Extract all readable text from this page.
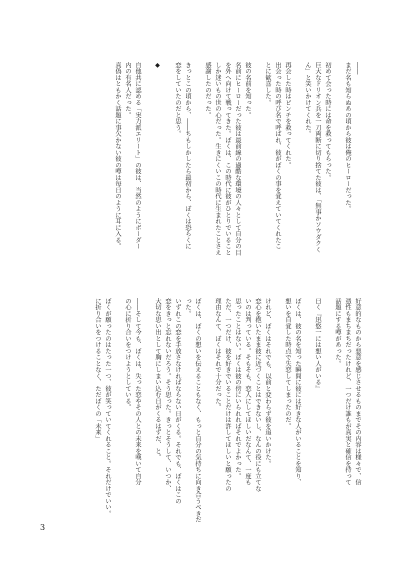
――
まだ名も知らぬあの頃から彼は俺のヒーローだった。

初めて会った時には命を救ってもらった。
巨大なドリオン兵を一刀両断に切り捨てた彼は、「無事かソウダクく
ん」と笑いかけてくれた。

再会した時はピンチを救ってくれた。
出会った時の呼び名で呼ばれ、彼がぼくの事を覚えていてくれたこ
とに歓喜した。

彼の名前を知った。
名前にヒーローだった彼は最前線の過酷な環境の人々として自分の目
を外へ向けて戦ってきた。ぼくは、この時代に彼がひとりでいること
しか迷いもの世の心だった。生きにくいこの時代に生まれたことさえ
感謝したのだった。

きっとこの頃から、――ちもしかしたら最初から、ぼくは恐らくに
恋をしていたのだと思う。

◆

自他共に認める「実力派エリート」の彼は、当然のようにボーダー
内の有名人だった。
真偽はともかく話題に事欠かない彼の噂は毎日のように耳に入る。
好意的なものから悪意を感じさせるものまでその内容は様々で、信
憑性もまちまちだったけれど、一つだけ誰もが真実と確信を持って
話題にする噂があった。

曰く『迅悠一には想い人がいる』

ぼくは、彼の名を知った瞬間に彼には好きな人がいることを知り、
想いを自覚した時点で失恋してしまったのだ。

けれど、ぼくはそれでも、以前と変わらず彼を追いかけた。
恋心を抱いたまま彼に近づくことはできないし、なんの役にも立てな
いのは判っている。そもそも、恋人にしてほしいだなんて、一度も
思ったことはない。ぼくは彼の傍にいられればそれでよかった。
ただ、一つだけ、彼を好きでいることだけは許してほしいと願ったの
理由なんて、ぼくはそれで十分だった。

ぼくは、ぼくの想いを伝えることもなく、もっと自分の気持ちに向き合うべきだった。
いずれこの恋を手放さなければならない日がくる。それでも、ぼくはこの
恋をきっと忘れないだろう。そう思った。きっとそうして、いつか、
大切な思い出として胸にしまい込む日がくるはずだ、と。

――そして今も、ぼくは、失った恋やその人との未来を嘆いて自分
の心に折り合いをつけようとしている。

ぼくが願ったのはたった一つ、彼が笑っていてくれること。それだけでいい。
に折り合いをつけることなく、ただぼくの「未来」
3
